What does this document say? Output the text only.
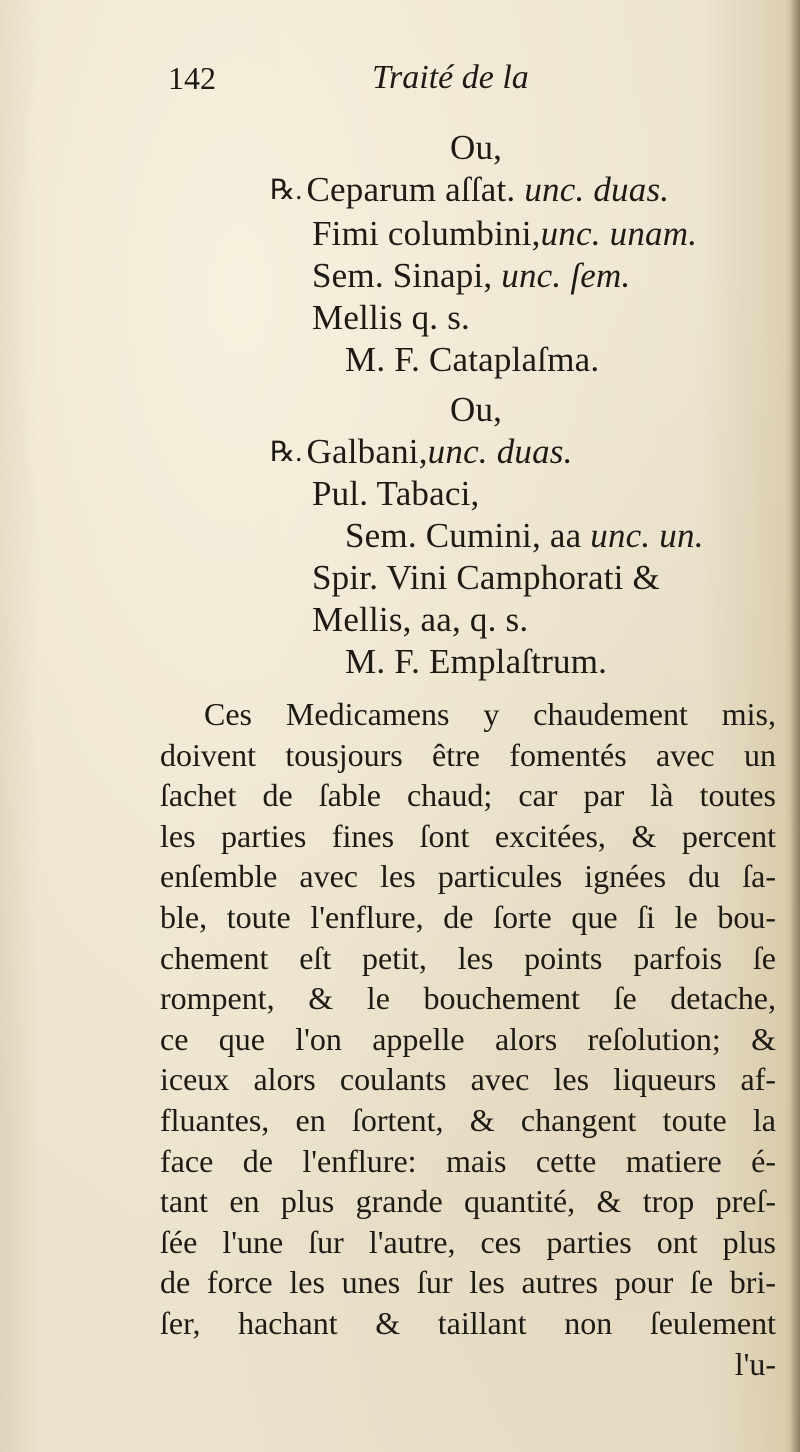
142	Traité de la
Ou,
℞. Ceparum aſſat. unc. duas.
Fimi columbini,unc. unam.
Sem. Sinapi, unc. ſem.
Mellis q. s.
M. F. Cataplaſma.
Ou,
℞. Galbani,unc. duas.
Pul. Tabaci,
Sem. Cumini, aa unc. un.
Spir. Vini Camphorati &
Mellis, aa, q. s.
M. F. Emplaſtrum.
Ces Medicamens y chaudement mis,
doivent tousjours être fomentés avec un
ſachet de ſable chaud; car par là toutes
les parties fines ſont excitées, & percent
enſemble avec les particules ignées du ſa-
ble, toute l'enflure, de ſorte que ſi le bou-
chement eſt petit, les points parfois ſe
rompent, & le bouchement ſe detache,
ce que l'on appelle alors reſolution; &
iceux alors coulants avec les liqueurs af-
fluantes, en ſortent, & changent toute la
face de l'enflure: mais cette matiere é-
tant en plus grande quantité, & trop preſ-
ſée l'une ſur l'autre, ces parties ont plus
de force les unes ſur les autres pour ſe bri-
ſer, hachant & taillant non ſeulement
l'u-
